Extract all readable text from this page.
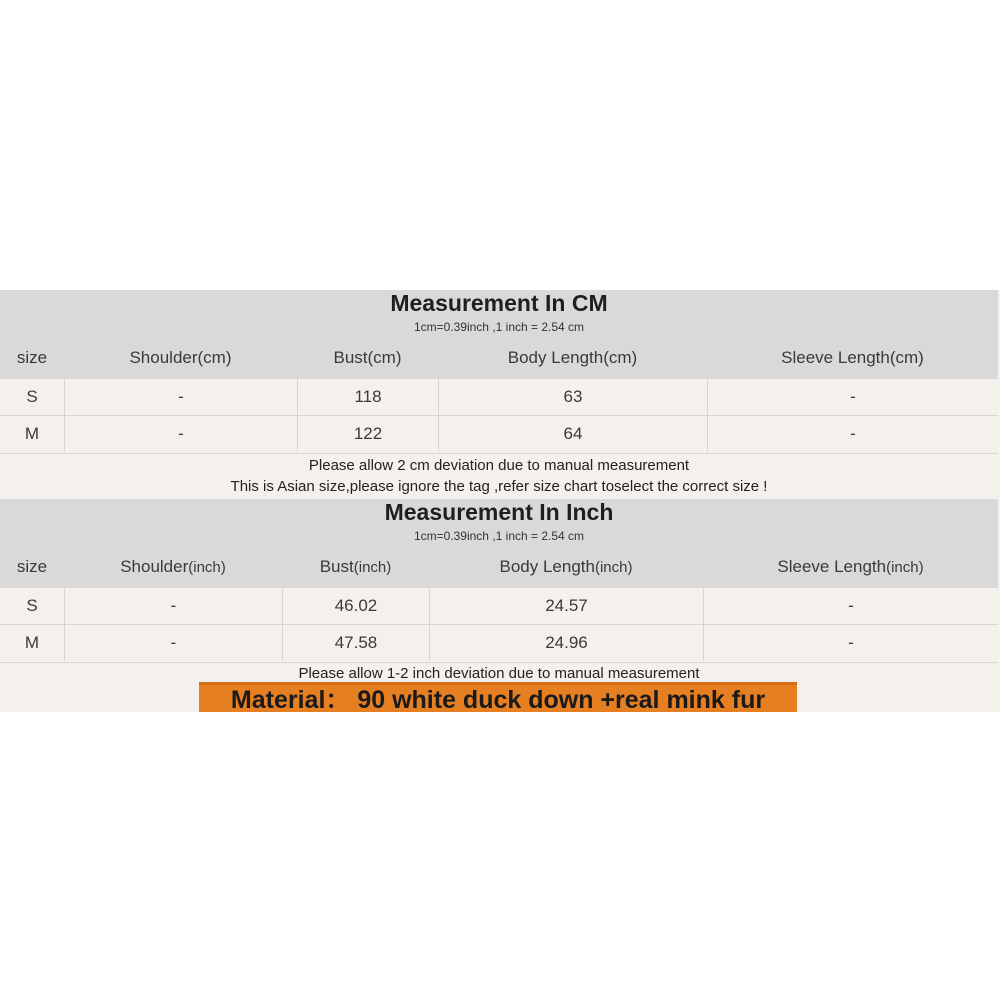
Measurement In CM
1cm=0.39inch ,1 inch = 2.54 cm
size	Shoulder(cm)	Bust(cm)	Body Length(cm)	Sleeve Length(cm)
S	-	118	63	-
M	-	122	64	-
Please allow 2 cm deviation due to manual measurement
This is Asian size,please ignore the tag ,refer size chart toselect the correct size !
Measurement In Inch
1cm=0.39inch ,1 inch = 2.54 cm
size	Shoulder(inch)	Bust(inch)	Body Length(inch)	Sleeve Length(inch)
S	-	46.02	24.57	-
M	-	47.58	24.96	-
Please allow 1-2 inch deviation due to manual measurement
Material： 90 white duck down +real mink fur
